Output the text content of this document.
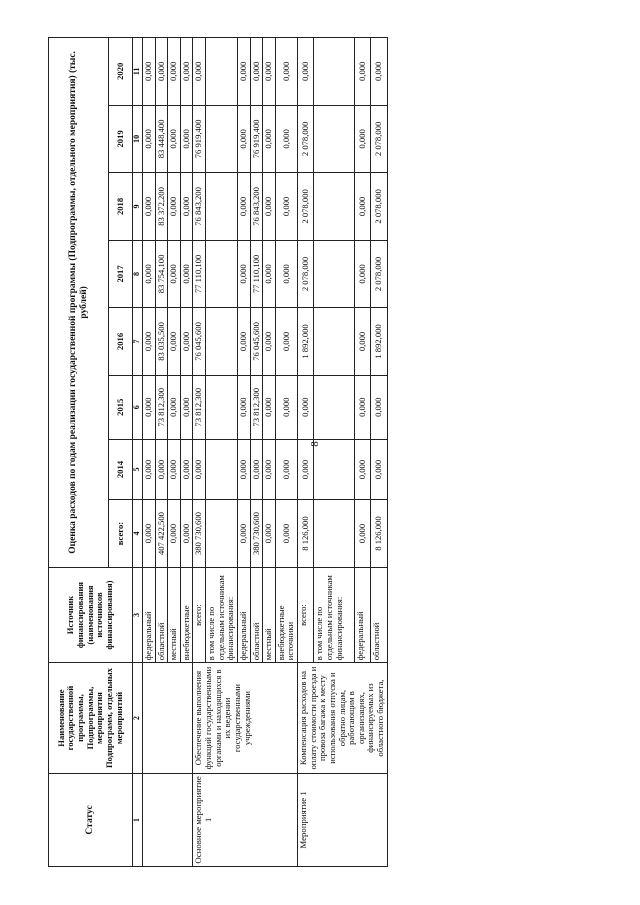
8
Статус	Наименование государственной программы, Подпрограммы, мероприятия Подпрограмм, отдельных мероприятий	Источник финансирования (наименования источников финансирования)	Оценка расходов по годам реализации государственной программы (Подпрограммы, отдельного мероприятия) (тыс. рублей)							
			всего:	2014	2015	2016	2017	2018	2019	2020
1	2	3	4	5	6	7	8	9	10	11
		федеральный	0,000	0,000	0,000	0,000	0,000	0,000	0,000	0,000
		областной	407 422,500	0,000	73 812,300	83 035,500	83 754,100	83 372,200	83 448,400	0,000
		местный	0,000	0,000	0,000	0,000	0,000	0,000	0,000	0,000
		внебюджетные	0,000	0,000	0,000	0,000	0,000	0,000	0,000	0,000
Основное мероприятие 1	Обеспечение выполнения функций государственными органами и находящихся в их ведении государственными учреждениями	всего:	380 730,600	0,000	73 812,300	76 045,600	77 110,100	76 843,200	76 919,400	0,000
		в том числе по отдельным источникам финансирования:								
		федеральный	0,000	0,000	0,000	0,000	0,000	0,000	0,000	0,000
		областной	380 730,600	0,000	73 812,300	76 045,600	77 110,100	76 843,200	76 919,400	0,000
		местный	0,000	0,000	0,000	0,000	0,000	0,000	0,000	0,000
		внебюджетные источники	0,000	0,000	0,000	0,000	0,000	0,000	0,000	0,000
Мероприятие 1	Компенсация расходов на оплату стоимости проезда и провоза багажа к месту использования отпуска и обратно лицам, работающим в организациях, финансируемых из областного бюджета,	всего:	8 126,000	0,000	0,000	1 892,000	2 078,000	2 078,000	2 078,000	0,000
		в том числе по отдельным источникам финансирования:								
		федеральный	0,000	0,000	0,000	0,000	0,000	0,000	0,000	0,000
		областной	8 126,000	0,000	0,000	1 892,000	2 078,000	2 078,000	2 078,000	0,000
